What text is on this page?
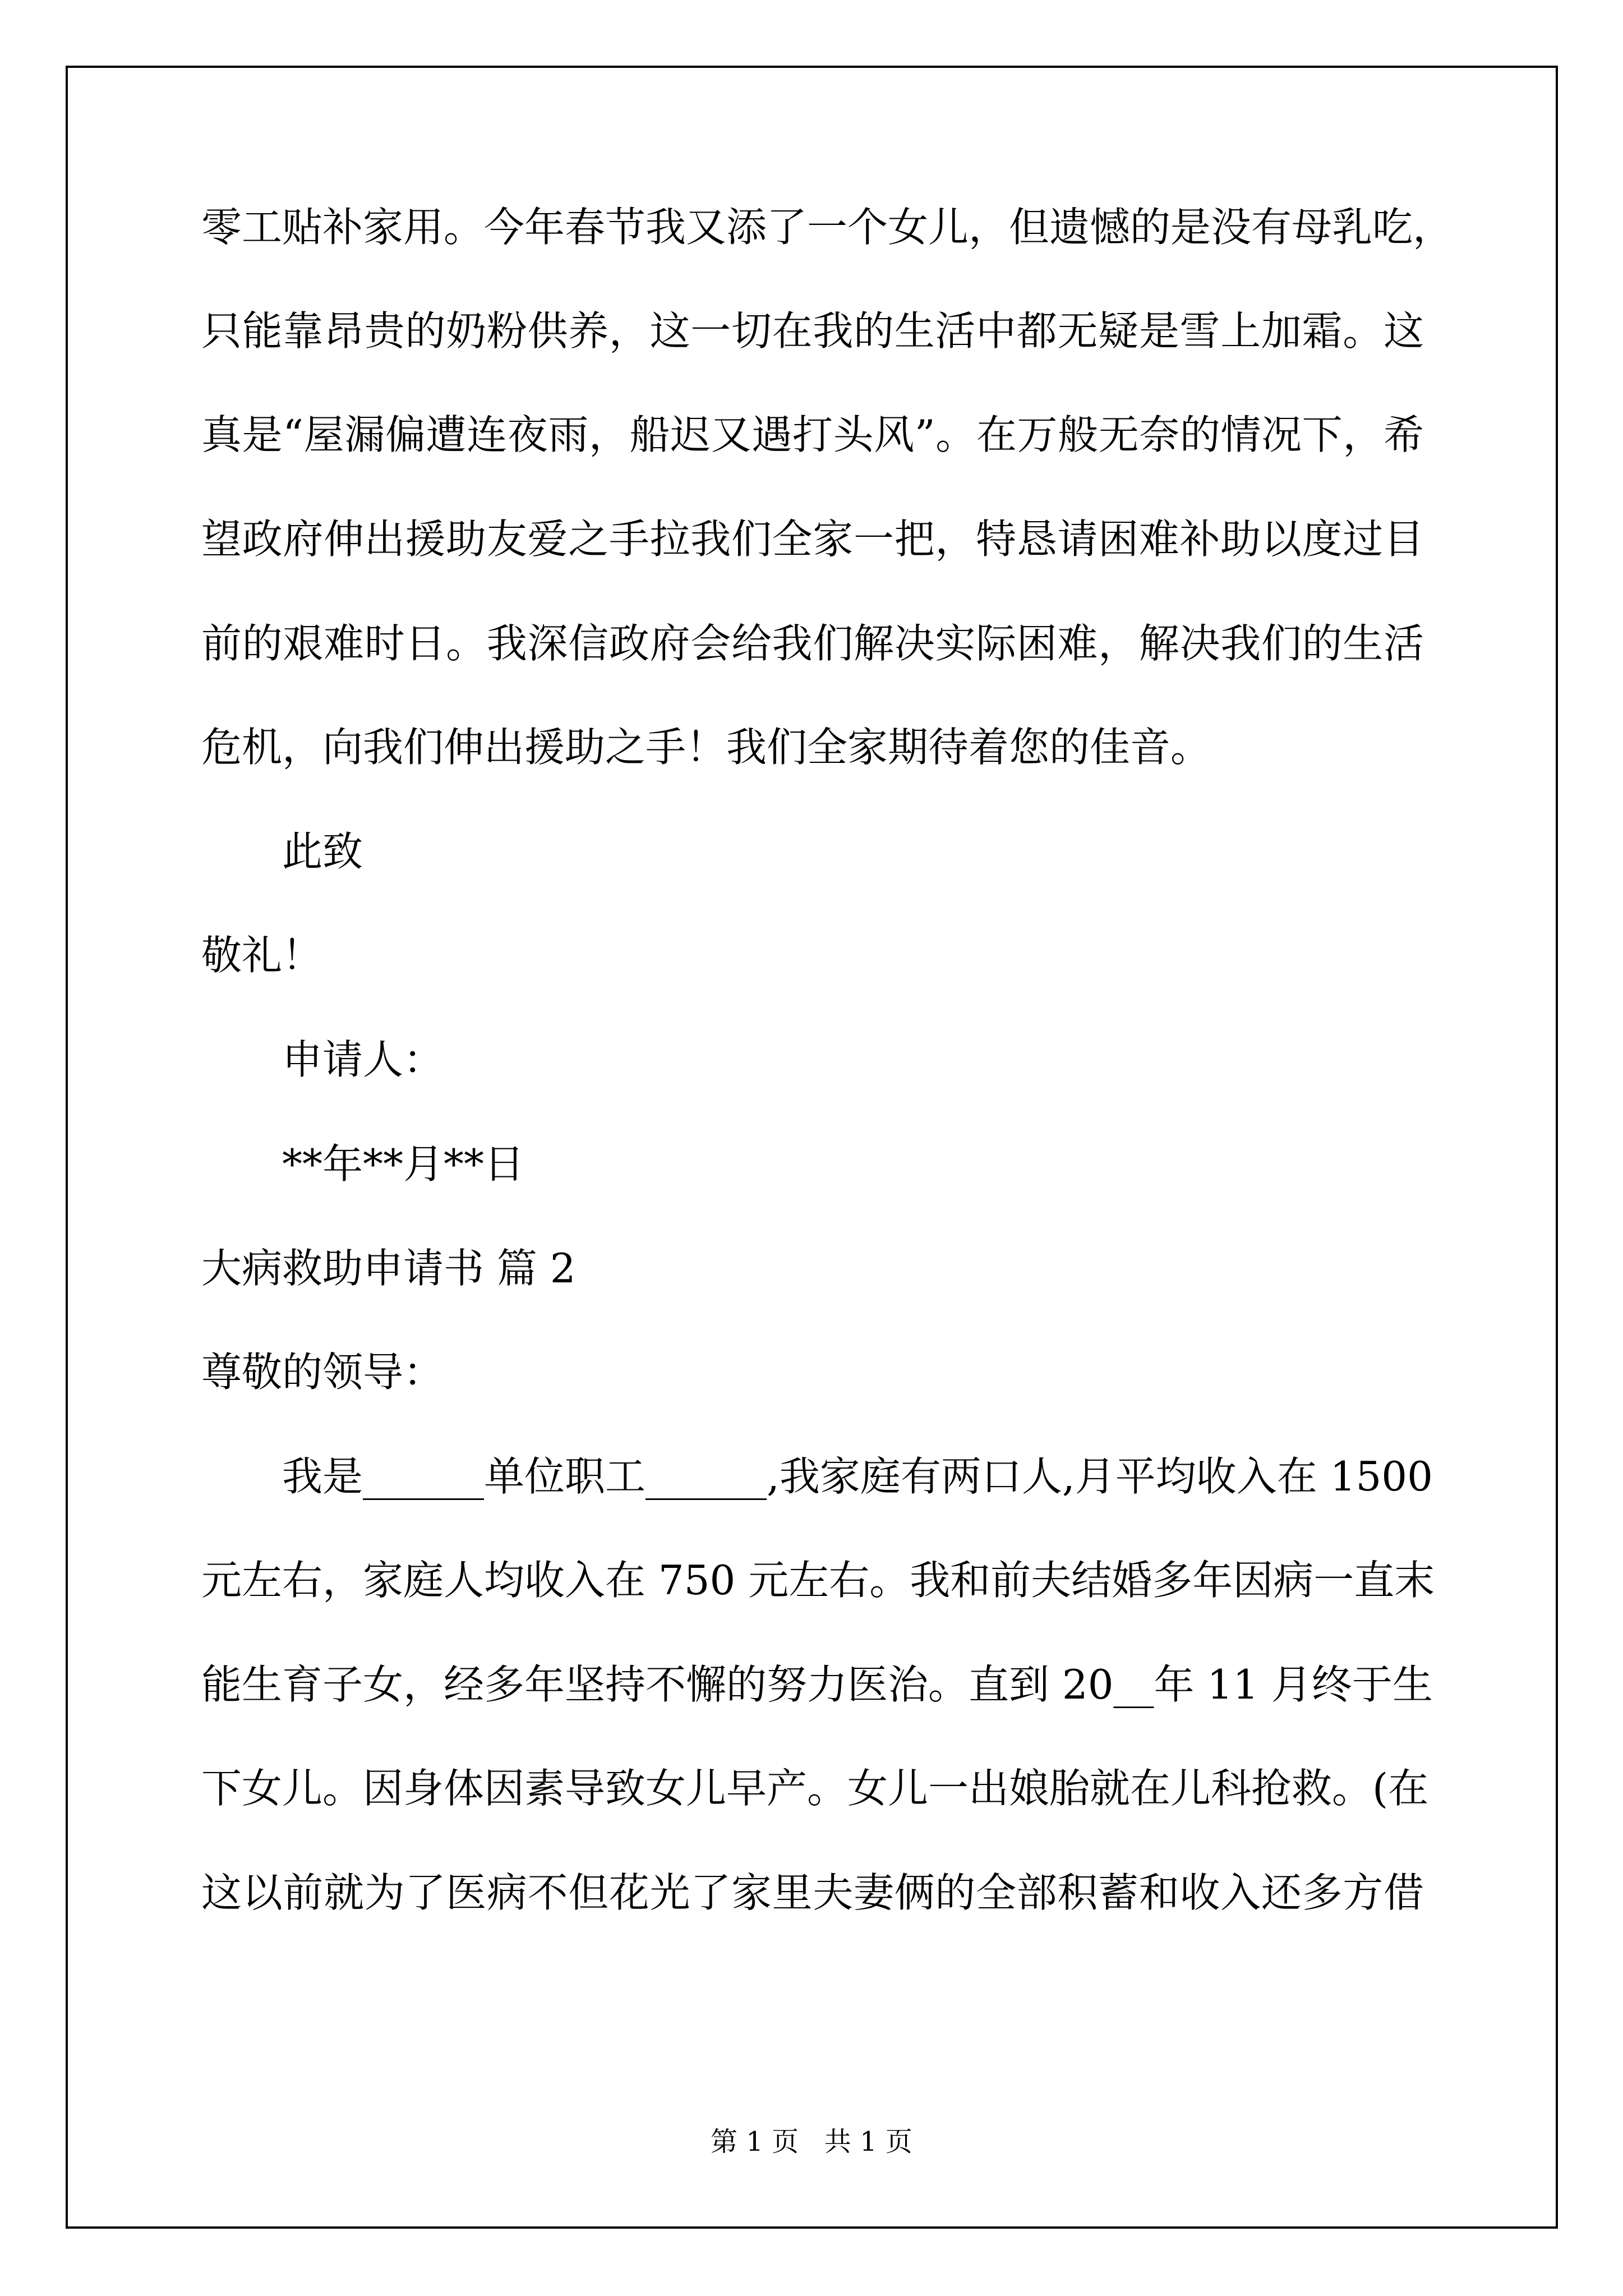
零工贴补家用。今年春节我又添了一个女儿，但遗憾的是没有母乳吃，
只能靠昂贵的奶粉供养，这一切在我的生活中都无疑是雪上加霜。这
真是“屋漏偏遭连夜雨，船迟又遇打头风”。在万般无奈的情况下，希
望政府伸出援助友爱之手拉我们全家一把，特恳请困难补助以度过目
前的艰难时日。我深信政府会给我们解决实际困难，解决我们的生活
危机，向我们伸出援助之手！我们全家期待着您的佳音。
此致
敬礼！
申请人：
**年**月**日
大病救助申请书 篇 2
尊敬的领导：
我是______单位职工______,我家庭有两口人,月平均收入在 1500
元左右，家庭人均收入在 750 元左右。我和前夫结婚多年因病一直末
能生育子女，经多年坚持不懈的努力医治。直到 20__年 11 月终于生
下女儿。因身体因素导致女儿早产。女儿一出娘胎就在儿科抢救。(在
这以前就为了医病不但花光了家里夫妻俩的全部积蓄和收入还多方借
第 1 页   共 1 页
